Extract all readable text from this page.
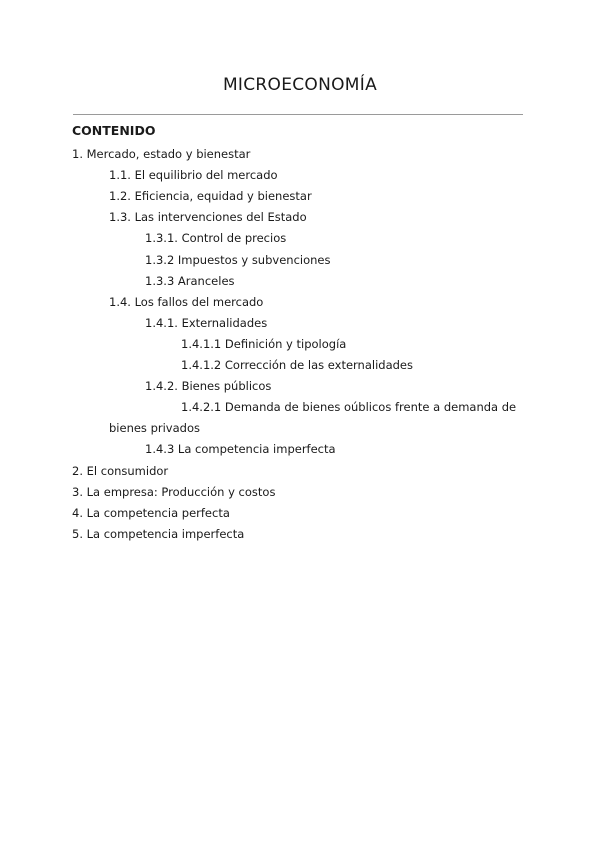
MICROECONOMÍA
CONTENIDO
1. Mercado, estado y bienestar
1.1. El equilibrio del mercado
1.2. Eficiencia, equidad y bienestar
1.3. Las intervenciones del Estado
1.3.1. Control de precios
1.3.2 Impuestos y subvenciones
1.3.3 Aranceles
1.4. Los fallos del mercado
1.4.1. Externalidades
1.4.1.1 Definición y tipología
1.4.1.2 Corrección de las externalidades
1.4.2. Bienes públicos
1.4.2.1 Demanda de bienes oúblicos frente a demanda de
bienes privados
1.4.3 La competencia imperfecta
2. El consumidor
3. La empresa: Producción y costos
4. La competencia perfecta
5. La competencia imperfecta
